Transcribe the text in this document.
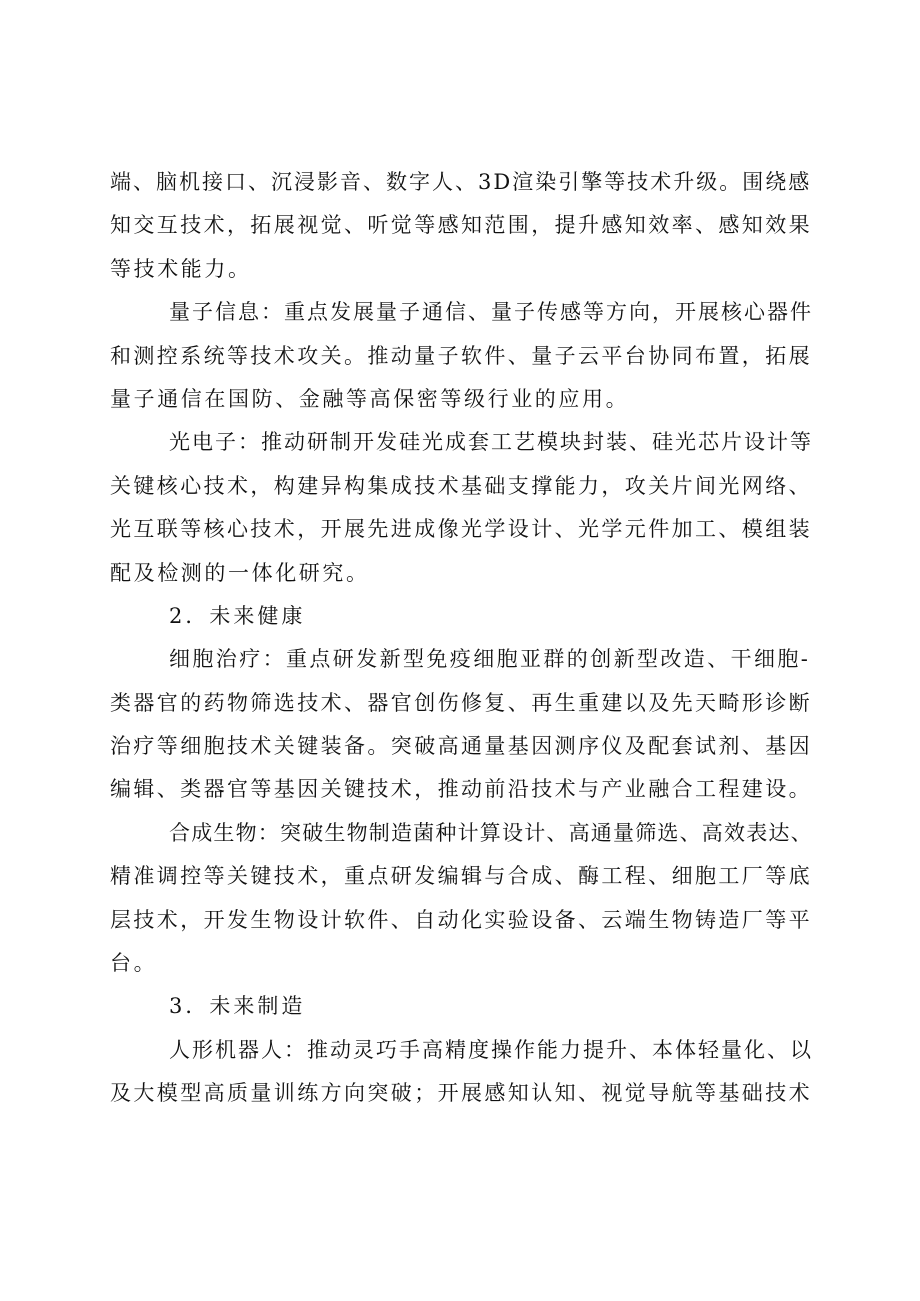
端、脑机接口、沉浸影音、数字人、3D渲染引擎等技术升级。围绕感
知交互技术，拓展视觉、听觉等感知范围，提升感知效率、感知效果
等技术能力。
量子信息：重点发展量子通信、量子传感等方向，开展核心器件
和测控系统等技术攻关。推动量子软件、量子云平台协同布置，拓展
量子通信在国防、金融等高保密等级行业的应用。
光电子：推动研制开发硅光成套工艺模块封装、硅光芯片设计等
关键核心技术，构建异构集成技术基础支撑能力，攻关片间光网络、
光互联等核心技术，开展先进成像光学设计、光学元件加工、模组装
配及检测的一体化研究。
2．未来健康
细胞治疗：重点研发新型免疫细胞亚群的创新型改造、干细胞-
类器官的药物筛选技术、器官创伤修复、再生重建以及先天畸形诊断
治疗等细胞技术关键装备。突破高通量基因测序仪及配套试剂、基因
编辑、类器官等基因关键技术，推动前沿技术与产业融合工程建设。
合成生物：突破生物制造菌种计算设计、高通量筛选、高效表达、
精准调控等关键技术，重点研发编辑与合成、酶工程、细胞工厂等底
层技术，开发生物设计软件、自动化实验设备、云端生物铸造厂等平
台。
3．未来制造
人形机器人：推动灵巧手高精度操作能力提升、本体轻量化、以
及大模型高质量训练方向突破；开展感知认知、视觉导航等基础技术
